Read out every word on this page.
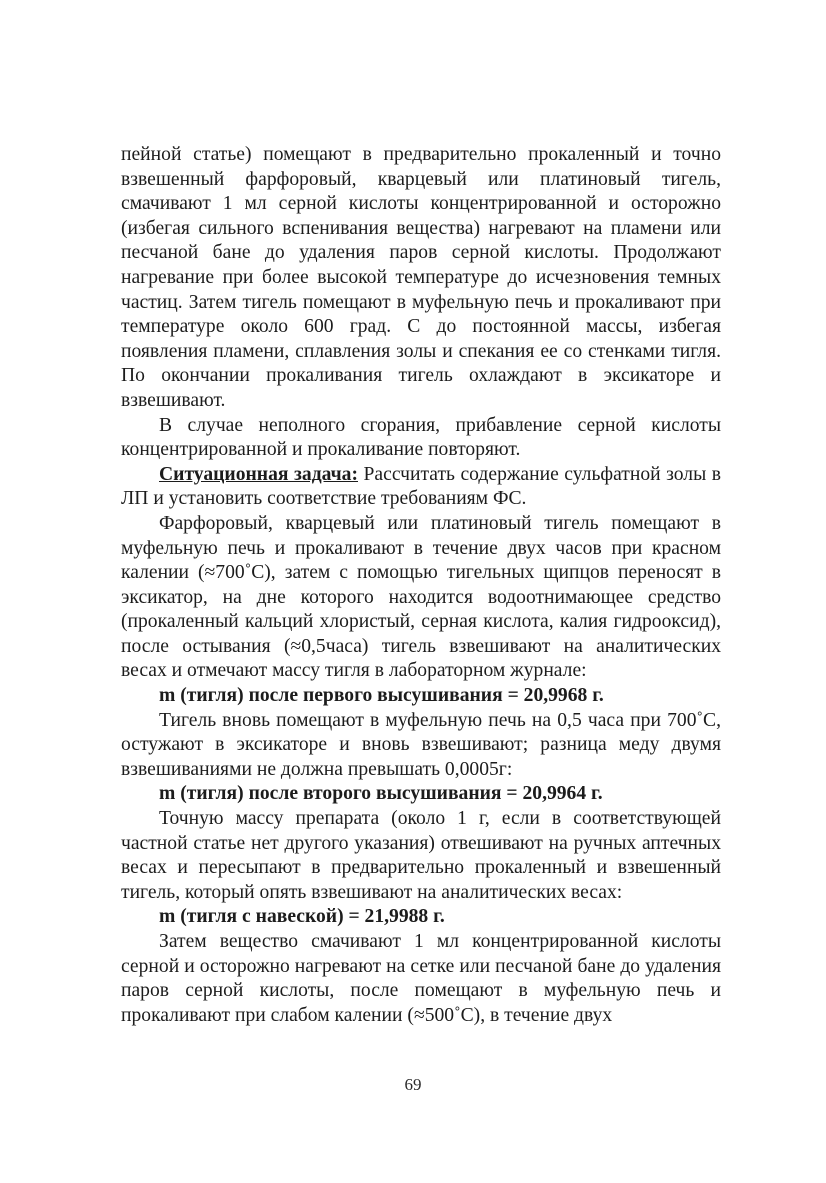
пейной статье) помещают в предварительно прокаленный и точно взвешенный фарфоровый, кварцевый или платиновый тигель, смачивают 1 мл серной кислоты концентрированной и осторожно (избегая сильного вспенивания вещества) нагревают на пламени или песчаной бане до удаления паров серной кислоты. Продолжают нагревание при более высокой температуре до исчезновения темных частиц. Затем тигель помещают в муфельную печь и прокаливают при температуре около 600 град. С до постоянной массы, избегая появления пламени, сплавления золы и спекания ее со стенками тигля. По окончании прокаливания тигель охлаждают в эксикаторе и взвешивают.

В случае неполного сгорания, прибавление серной кислоты концентрированной и прокаливание повторяют.

Ситуационная задача: Рассчитать содержание сульфатной золы в ЛП и установить соответствие требованиям ФС.

Фарфоровый, кварцевый или платиновый тигель помещают в муфельную печь и прокаливают в течение двух часов при красном калении (≈700˚С), затем с помощью тигельных щипцов переносят в эксикатор, на дне которого находится водоотнимающее средство (прокаленный кальций хлористый, серная кислота, калия гидрооксид), после остывания (≈0,5часа) тигель взвешивают на аналитических весах и отмечают массу тигля в лабораторном журнале:

m (тигля) после первого высушивания = 20,9968 г.

Тигель вновь помещают в муфельную печь на 0,5 часа при 700˚С, остужают в эксикаторе и вновь взвешивают; разница меду двумя взвешиваниями не должна превышать 0,0005г:

m (тигля) после второго высушивания = 20,9964 г.

Точную массу препарата (около 1 г, если в соответствующей частной статье нет другого указания) отвешивают на ручных аптечных весах и пересыпают в предварительно прокаленный и взвешенный тигель, который опять взвешивают на аналитических весах:

m (тигля с навеской) = 21,9988 г.

Затем вещество смачивают 1 мл концентрированной кислоты серной и осторожно нагревают на сетке или песчаной бане до удаления паров серной кислоты, после помещают в муфельную печь и прокаливают при слабом калении (≈500˚С), в течение двух

69
